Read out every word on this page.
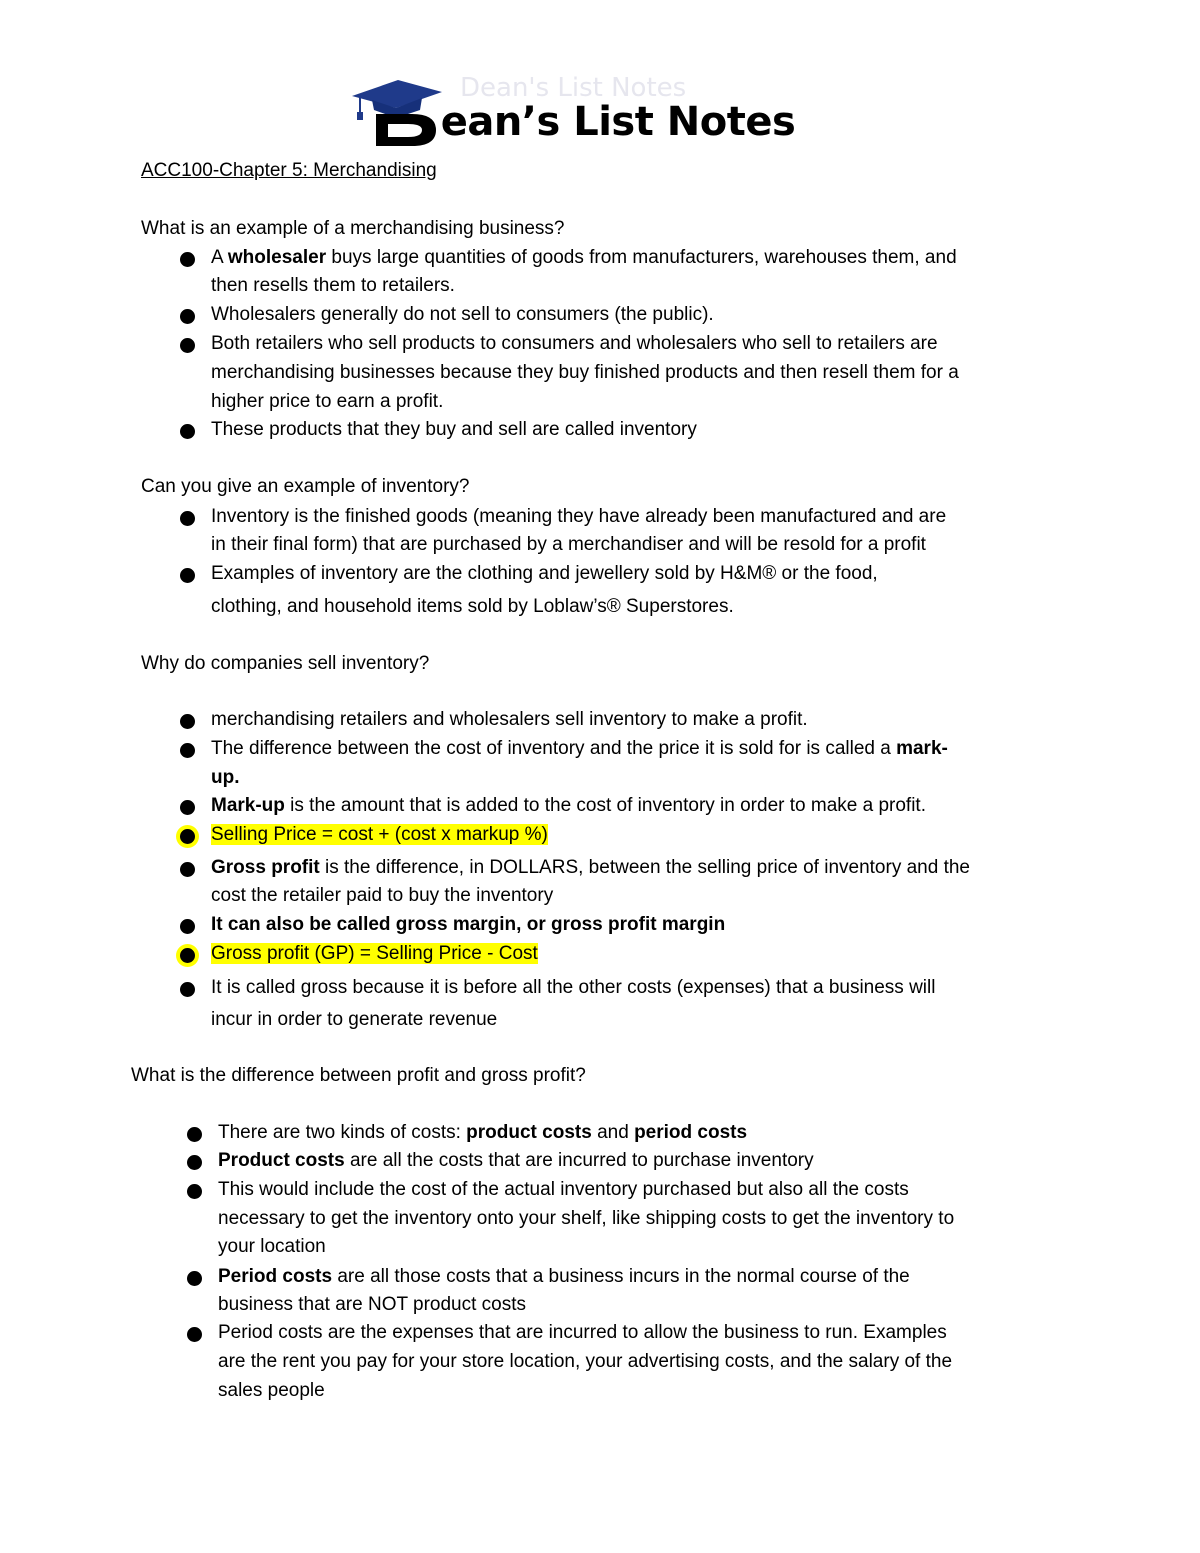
Dean's List Notes
ean’s List Notes
ACC100-Chapter 5: Merchandising
What is an example of a merchandising business?
A wholesaler buys large quantities of goods from manufacturers, warehouses them, and
then resells them to retailers.
Wholesalers generally do not sell to consumers (the public).
Both retailers who sell products to consumers and wholesalers who sell to retailers are
merchandising businesses because they buy finished products and then resell them for a
higher price to earn a profit.
These products that they buy and sell are called inventory
Can you give an example of inventory?
Inventory is the finished goods (meaning they have already been manufactured and are
in their final form) that are purchased by a merchandiser and will be resold for a profit
Examples of inventory are the clothing and jewellery sold by H&M® or the food,
clothing, and household items sold by Loblaw’s® Superstores.
Why do companies sell inventory?
merchandising retailers and wholesalers sell inventory to make a profit.
The difference between the cost of inventory and the price it is sold for is called a mark-
up.
Mark-up is the amount that is added to the cost of inventory in order to make a profit.
Selling Price = cost + (cost x markup %)
Gross profit is the difference, in DOLLARS, between the selling price of inventory and the
cost the retailer paid to buy the inventory
It can also be called gross margin, or gross profit margin
Gross profit (GP) = Selling Price - Cost
It is called gross because it is before all the other costs (expenses) that a business will
incur in order to generate revenue
What is the difference between profit and gross profit?
There are two kinds of costs: product costs and period costs
Product costs are all the costs that are incurred to purchase inventory
This would include the cost of the actual inventory purchased but also all the costs
necessary to get the inventory onto your shelf, like shipping costs to get the inventory to
your location
Period costs are all those costs that a business incurs in the normal course of the
business that are NOT product costs
Period costs are the expenses that are incurred to allow the business to run. Examples
are the rent you pay for your store location, your advertising costs, and the salary of the
sales people
